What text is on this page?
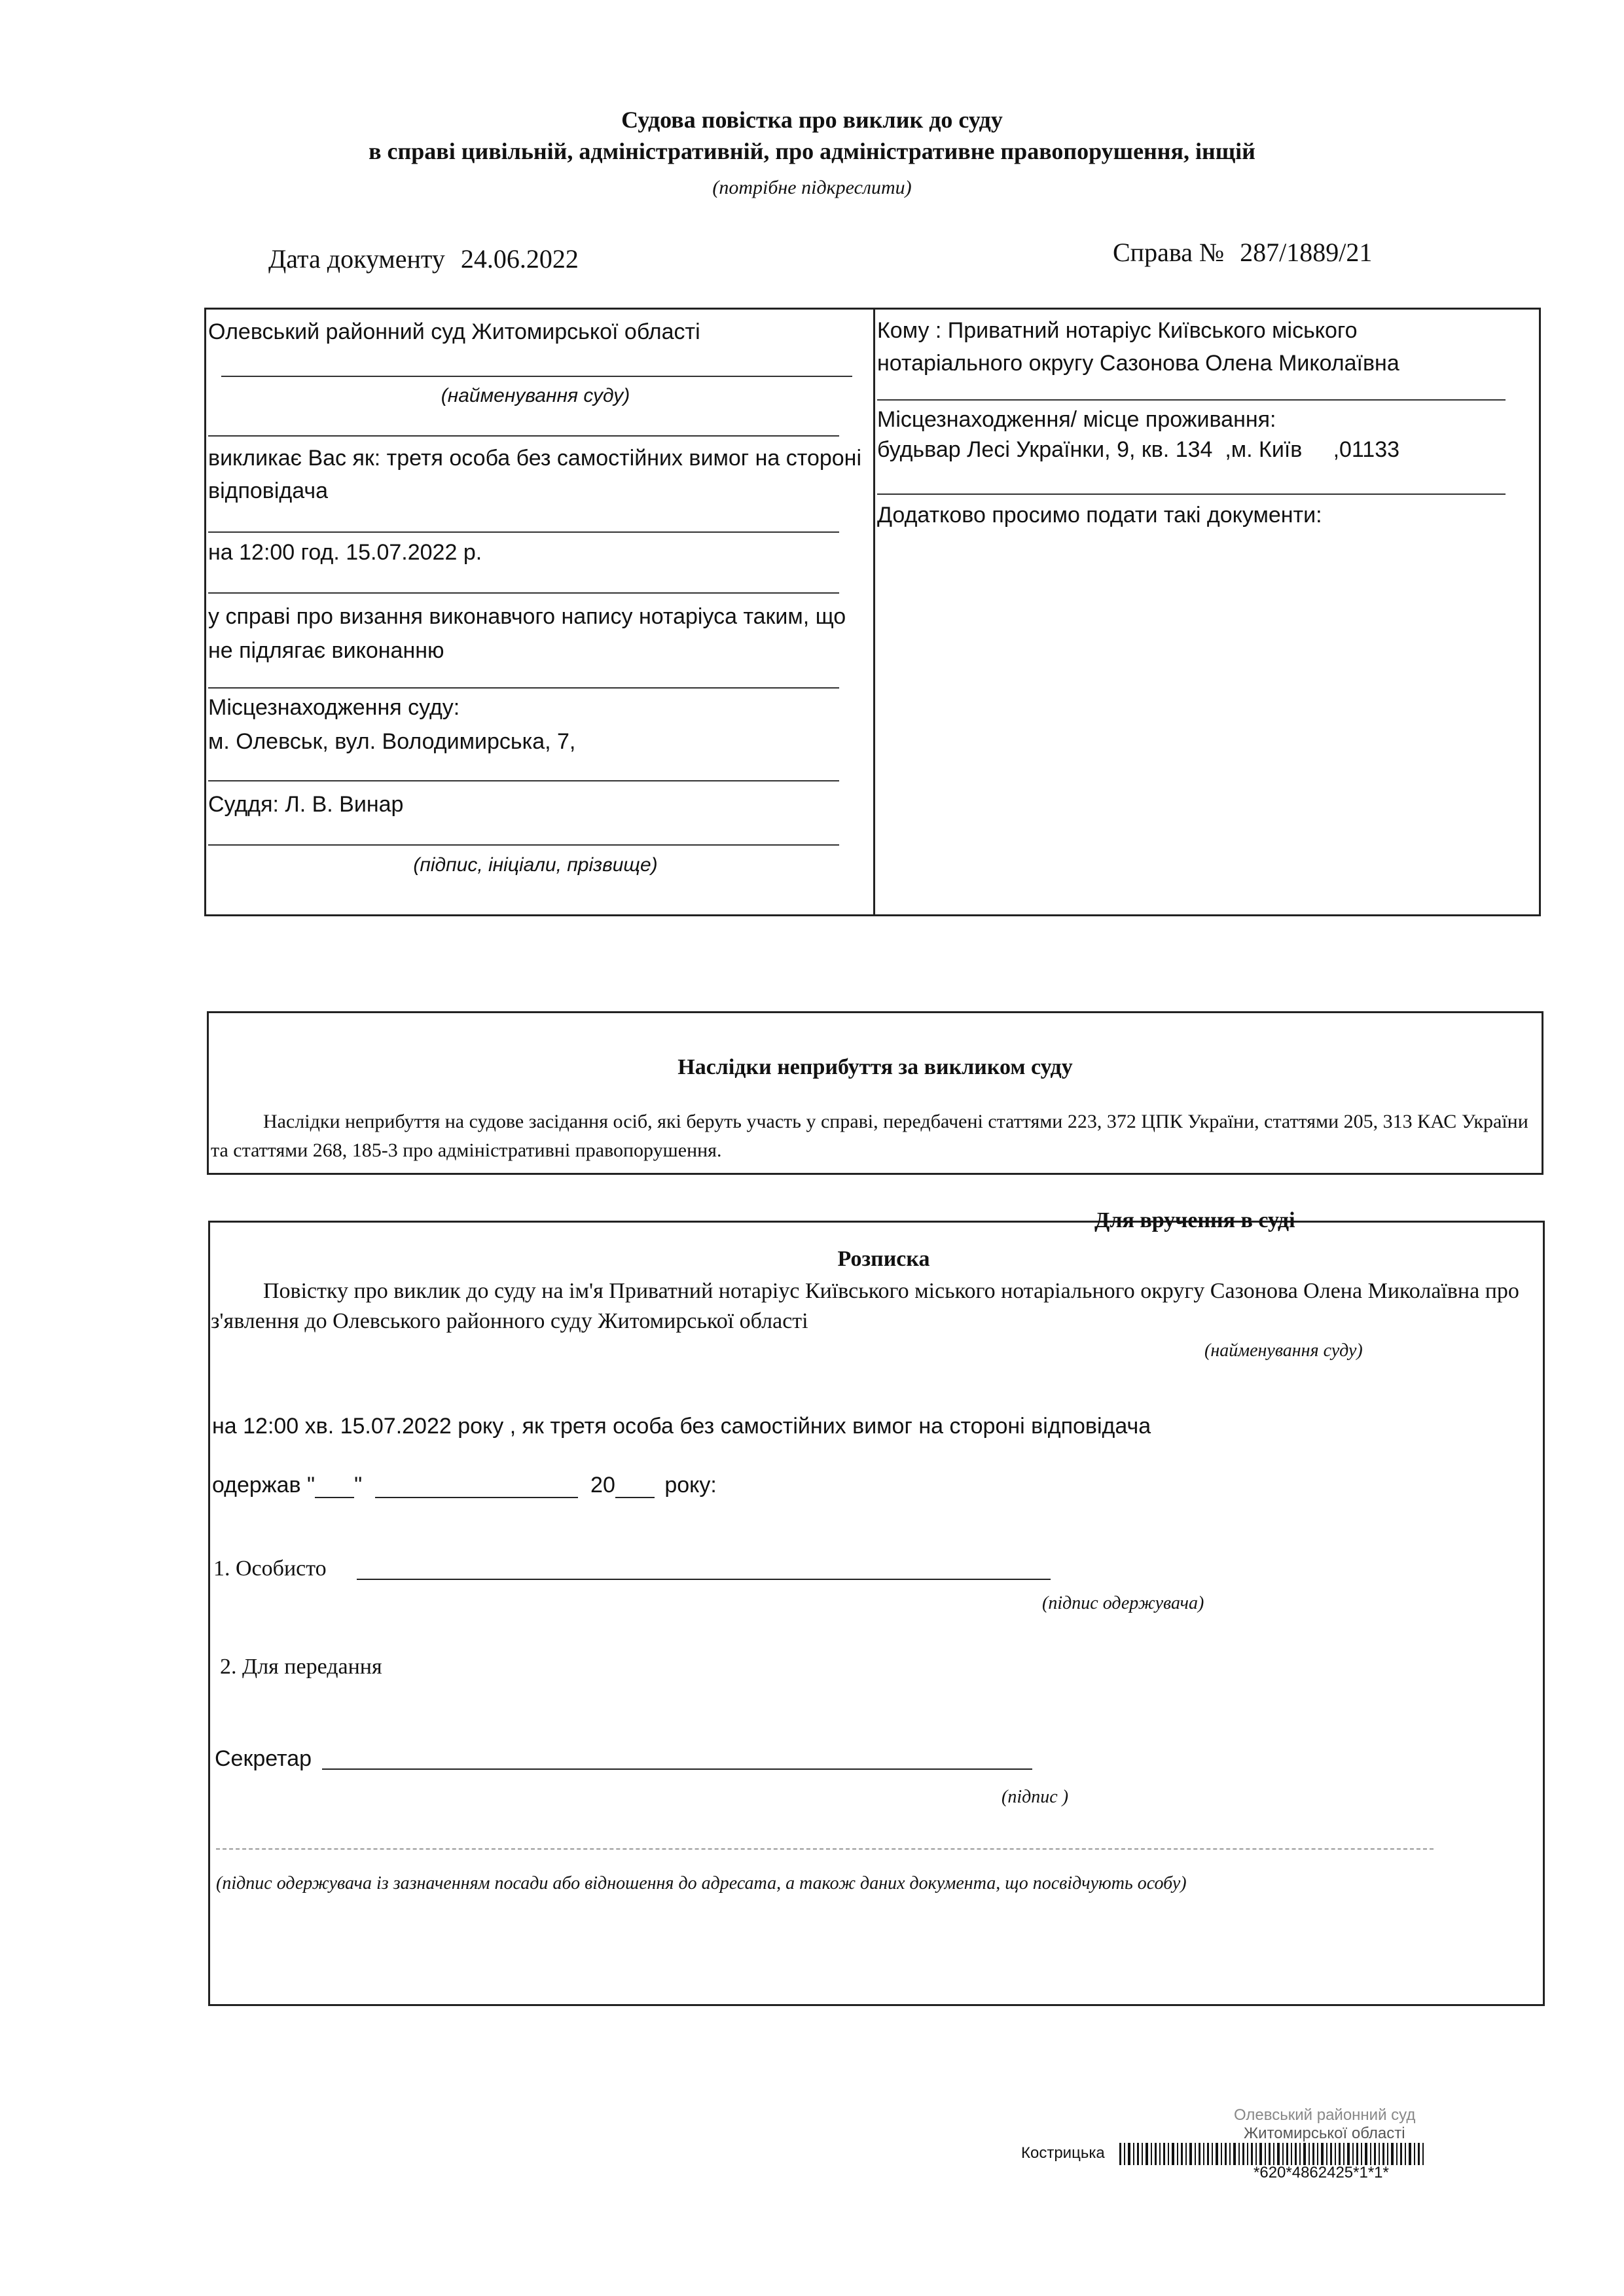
Судова повістка про виклик до суду
в справі цивільній, адміністративній, про адміністративне правопорушення, інщій
(потрібне підкреслити)
Дата документу 24.06.2022	Справа № 287/1889/21
Олевський районний суд Житомирської області
(найменування суду)
викликає Вас як: третя особа без самостійних вимог на стороні відповідача
на 12:00 год. 15.07.2022 р.
у справі про визання виконавчого напису нотаріуса таким, що не підлягає виконанню
Місцезнаходження суду:
м. Олевськ, вул. Володимирська, 7,
Суддя: Л. В. Винар
(підпис, ініціали, прізвище)
Кому : Приватний нотаріус Київського міського нотаріального округу Сазонова Олена Миколаївна
Місцезнаходження/ місце проживання:
будьвар Лесі Українки, 9, кв. 134  ,м. Київ     ,01133
Додатково просимо подати такі документи:
Наслідки неприбуття за викликом суду
Наслідки неприбуття на судове засідання осіб, які беруть участь у справі, передбачені статтями 223, 372 ЦПК України, статтями 205, 313 КАС України та статтями 268, 185-3 про адміністративні правопорушення.
Для вручення в суді
Розписка
Повістку про виклик до суду на ім'я Приватний нотаріус Київського міського нотаріального округу Сазонова Олена Миколаївна про з'явлення до Олевського районного суду Житомирської області
(найменування суду)
на 12:00 хв. 15.07.2022 року , як третя особа без самостійних вимог на стороні відповідача
одержав " "	20 року:
1. Особисто
(підпис одержувача)
2. Для передання
Секретар
(підпис )
(підпис одержувача із зазначенням посади або відношення до адресата, а також даних документа, що посвідчують особу)
Олевський районний суд
Житомирської області
Кострицька
*620*4862425*1*1*
